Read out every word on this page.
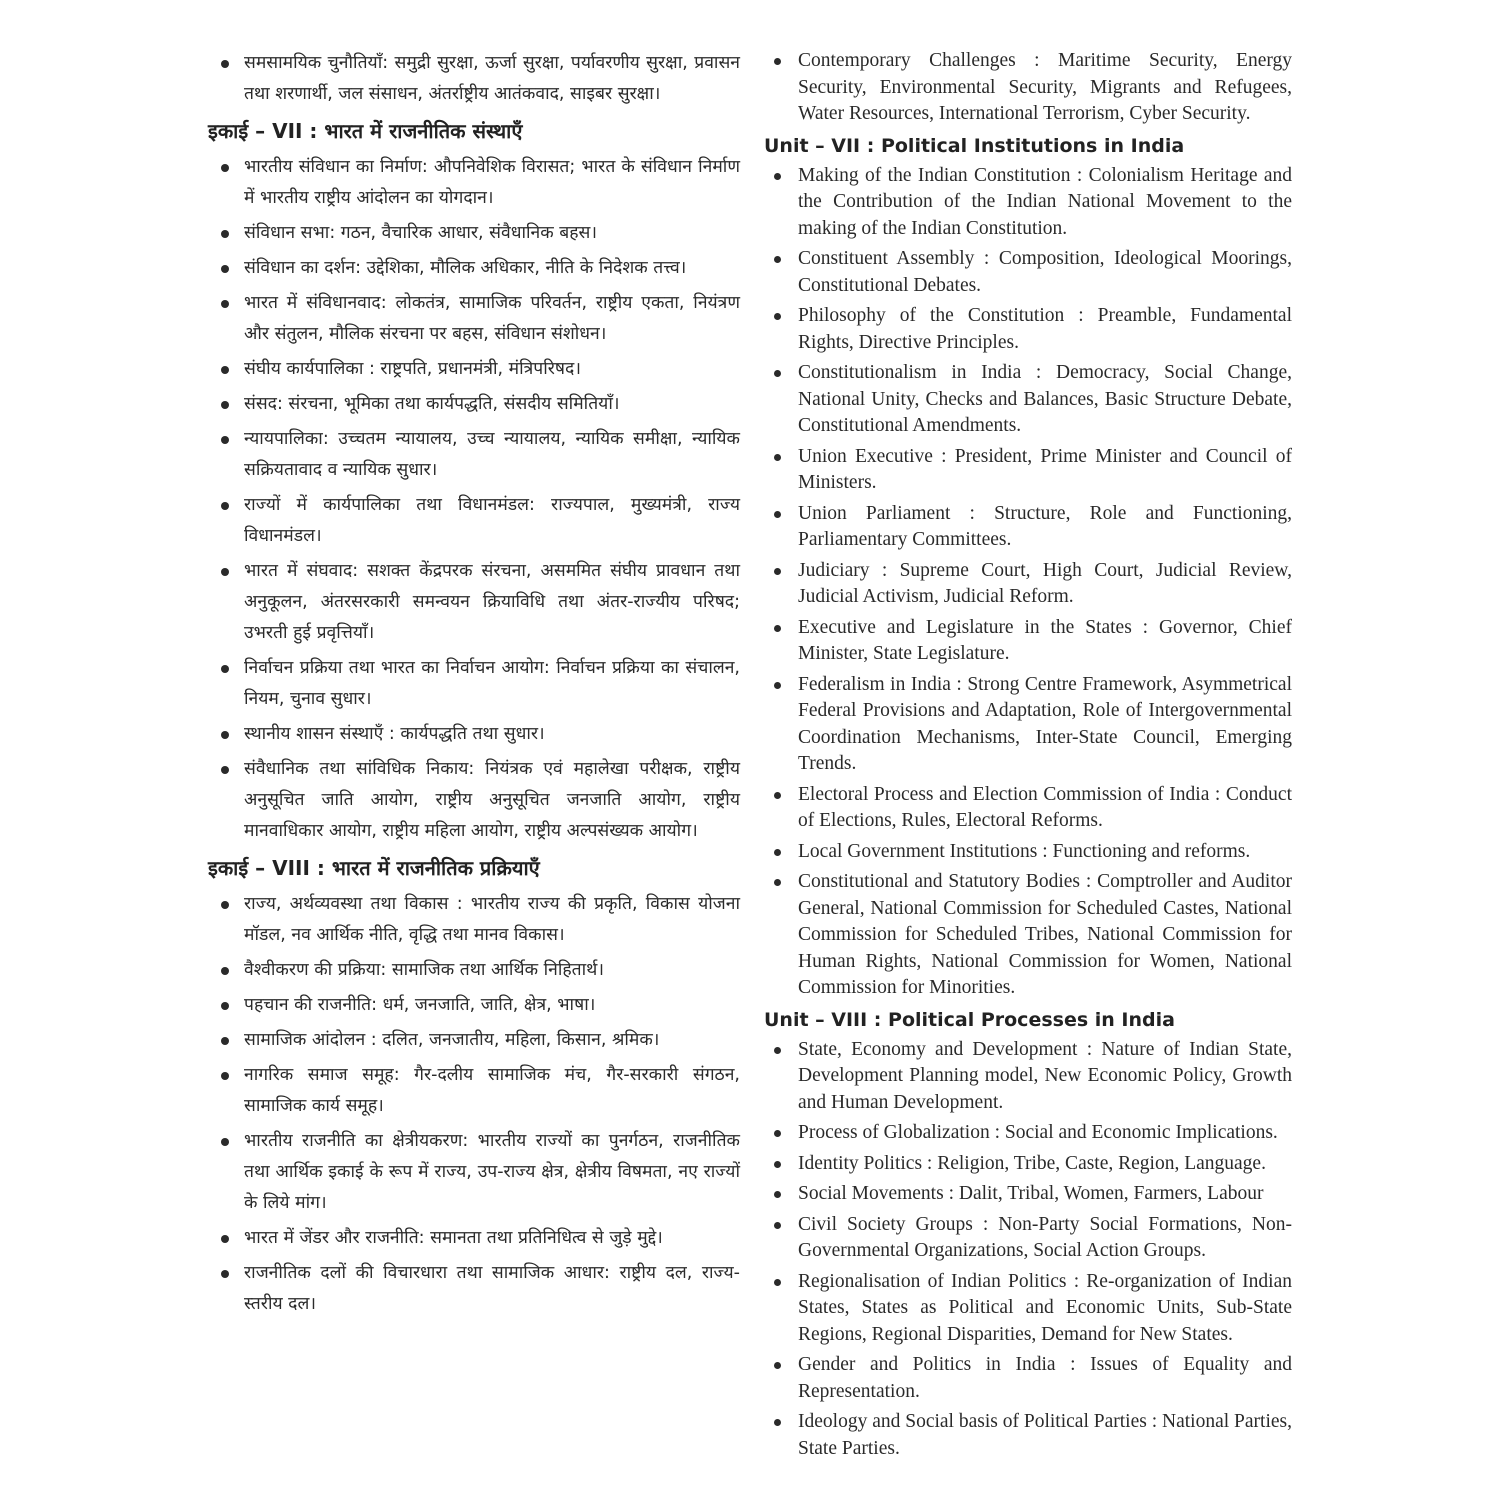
समसामयिक चुनौतियाँ: समुद्री सुरक्षा, ऊर्जा सुरक्षा, पर्यावरणीय सुरक्षा, प्रवासन तथा शरणार्थी, जल संसाधन, अंतर्राष्ट्रीय आतंकवाद, साइबर सुरक्षा।
इकाई – VII : भारत में राजनीतिक संस्थाएँ
भारतीय संविधान का निर्माण: औपनिवेशिक विरासत; भारत के संविधान निर्माण में भारतीय राष्ट्रीय आंदोलन का योगदान।
संविधान सभा: गठन, वैचारिक आधार, संवैधानिक बहस।
संविधान का दर्शन: उद्देशिका, मौलिक अधिकार, नीति के निदेशक तत्त्व।
भारत में संविधानवाद: लोकतंत्र, सामाजिक परिवर्तन, राष्ट्रीय एकता, नियंत्रण और संतुलन, मौलिक संरचना पर बहस, संविधान संशोधन।
संघीय कार्यपालिका : राष्ट्रपति, प्रधानमंत्री, मंत्रिपरिषद।
संसद: संरचना, भूमिका तथा कार्यपद्धति, संसदीय समितियाँ।
न्यायपालिका: उच्चतम न्यायालय, उच्च न्यायालय, न्यायिक समीक्षा, न्यायिक सक्रियतावाद व न्यायिक सुधार।
राज्यों में कार्यपालिका तथा विधानमंडल: राज्यपाल, मुख्यमंत्री, राज्य विधानमंडल।
भारत में संघवाद: सशक्त केंद्रपरक संरचना, असममित संघीय प्रावधान तथा अनुकूलन, अंतरसरकारी समन्वयन क्रियाविधि तथा अंतर-राज्यीय परिषद; उभरती हुई प्रवृत्तियाँ।
निर्वाचन प्रक्रिया तथा भारत का निर्वाचन आयोग: निर्वाचन प्रक्रिया का संचालन, नियम, चुनाव सुधार।
स्थानीय शासन संस्थाएँ : कार्यपद्धति तथा सुधार।
संवैधानिक तथा सांविधिक निकाय: नियंत्रक एवं महालेखा परीक्षक, राष्ट्रीय अनुसूचित जाति आयोग, राष्ट्रीय अनुसूचित जनजाति आयोग, राष्ट्रीय मानवाधिकार आयोग, राष्ट्रीय महिला आयोग, राष्ट्रीय अल्पसंख्यक आयोग।
इकाई – VIII : भारत में राजनीतिक प्रक्रियाएँ
राज्य, अर्थव्यवस्था तथा विकास : भारतीय राज्य की प्रकृति, विकास योजना मॉडल, नव आर्थिक नीति, वृद्धि तथा मानव विकास।
वैश्वीकरण की प्रक्रिया: सामाजिक तथा आर्थिक निहितार्थ।
पहचान की राजनीति: धर्म, जनजाति, जाति, क्षेत्र, भाषा।
सामाजिक आंदोलन : दलित, जनजातीय, महिला, किसान, श्रमिक।
नागरिक समाज समूह: गैर-दलीय सामाजिक मंच, गैर-सरकारी संगठन, सामाजिक कार्य समूह।
भारतीय राजनीति का क्षेत्रीयकरण: भारतीय राज्यों का पुनर्गठन, राजनीतिक तथा आर्थिक इकाई के रूप में राज्य, उप-राज्य क्षेत्र, क्षेत्रीय विषमता, नए राज्यों के लिये मांग।
भारत में जेंडर और राजनीति: समानता तथा प्रतिनिधित्व से जुड़े मुद्दे।
राजनीतिक दलों की विचारधारा तथा सामाजिक आधार: राष्ट्रीय दल, राज्य-स्तरीय दल।
Contemporary Challenges : Maritime Security, Energy Security, Environmental Security, Migrants and Refugees, Water Resources, International Terrorism, Cyber Security.
Unit – VII : Political Institutions in India
Making of the Indian Constitution : Colonialism Heritage and the Contribution of the Indian National Movement to the making of the Indian Constitution.
Constituent Assembly : Composition, Ideological Moorings, Constitutional Debates.
Philosophy of the Constitution : Preamble, Fundamental Rights, Directive Principles.
Constitutionalism in India : Democracy, Social Change, National Unity, Checks and Balances, Basic Structure Debate, Constitutional Amendments.
Union Executive : President, Prime Minister and Council of Ministers.
Union Parliament : Structure, Role and Functioning, Parliamentary Committees.
Judiciary : Supreme Court, High Court, Judicial Review, Judicial Activism, Judicial Reform.
Executive and Legislature in the States : Governor, Chief Minister, State Legislature.
Federalism in India : Strong Centre Framework, Asymmetrical Federal Provisions and Adaptation, Role of Intergovernmental Coordination Mechanisms, Inter-State Council, Emerging Trends.
Electoral Process and Election Commission of India : Conduct of Elections, Rules, Electoral Reforms.
Local Government Institutions : Functioning and reforms.
Constitutional and Statutory Bodies : Comptroller and Auditor General, National Commission for Scheduled Castes, National Commission for Scheduled Tribes, National Commission for Human Rights, National Commission for Women, National Commission for Minorities.
Unit – VIII : Political Processes in India
State, Economy and Development : Nature of Indian State, Development Planning model, New Economic Policy, Growth and Human Development.
Process of Globalization : Social and Economic Implications.
Identity Politics : Religion, Tribe, Caste, Region, Language.
Social Movements : Dalit, Tribal, Women, Farmers, Labour
Civil Society Groups : Non-Party Social Formations, Non-Governmental Organizations, Social Action Groups.
Regionalisation of Indian Politics : Re-organization of Indian States, States as Political and Economic Units, Sub-State Regions, Regional Disparities, Demand for New States.
Gender and Politics in India : Issues of Equality and Representation.
Ideology and Social basis of Political Parties : National Parties, State Parties.
